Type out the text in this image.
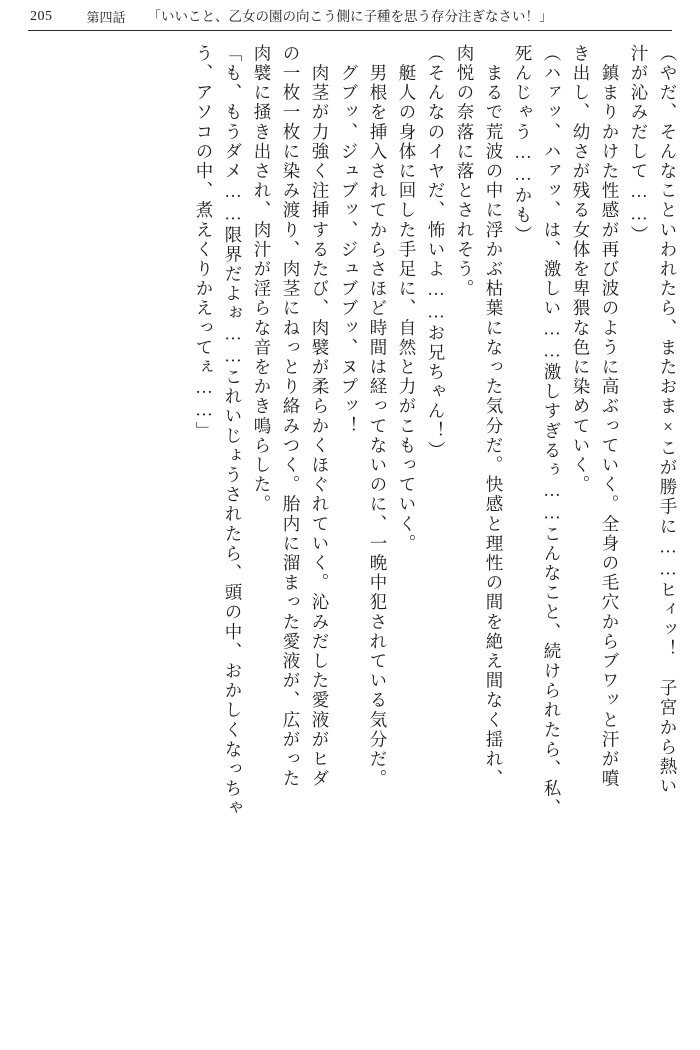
205	第四話 「いいこと、乙女の園の向こう側に子種を思う存分注ぎなさい！」
（やだ、そんなこといわれたら、またおま×こが勝手に……ヒィッ！　子宮から熱い
汁が沁みだして……）
　鎮まりかけた性感が再び波のように高ぶっていく。全身の毛穴からブワッと汗が噴
き出し、幼さが残る女体を卑猥な色に染めていく。
（ハァッ、ハァッ、は、激しい……激しすぎるぅ……こんなこと、続けられたら、私、
死んじゃう……かも）
　まるで荒波の中に浮かぶ枯葉になった気分だ。快感と理性の間を絶え間なく揺れ、
肉悦の奈落に落とされそう。
（そんなのイヤだ、怖いよ……お兄ちゃん！）
　艇人の身体に回した手足に、自然と力がこもっていく。
　男根を挿入されてからさほど時間は経ってないのに、一晩中犯されている気分だ。
　グブッ、ジュブッ、ジュブブッ、ヌプッ！
　肉茎が力強く注挿するたび、肉襞が柔らかくほぐれていく。沁みだした愛液がヒダ
の一枚一枚に染み渡り、肉茎にねっとり絡みつく。胎内に溜まった愛液が、広がった
肉襞に掻き出され、肉汁が淫らな音をかき鳴らした。
「も、もうダメ……限界だよぉ……これいじょうされたら、頭の中、おかしくなっちゃ
う、アソコの中、煮えくりかえってぇ……」
